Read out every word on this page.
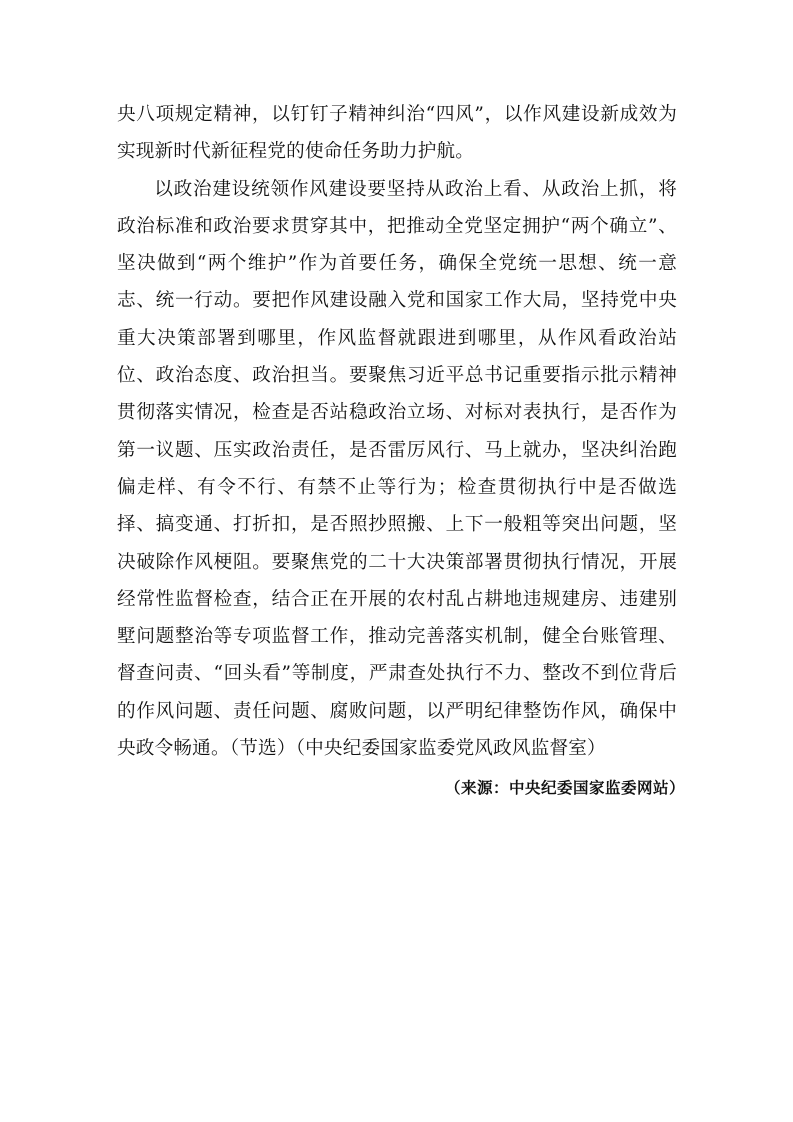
央八项规定精神，以钉钉子精神纠治“四风”，以作风建设新成效为实现新时代新征程党的使命任务助力护航。

以政治建设统领作风建设要坚持从政治上看、从政治上抓，将政治标准和政治要求贯穿其中，把推动全党坚定拥护“两个确立”、坚决做到“两个维护”作为首要任务，确保全党统一思想、统一意志、统一行动。要把作风建设融入党和国家工作大局，坚持党中央重大决策部署到哪里，作风监督就跟进到哪里，从作风看政治站位、政治态度、政治担当。要聚焦习近平总书记重要指示批示精神贯彻落实情况，检查是否站稳政治立场、对标对表执行，是否作为第一议题、压实政治责任，是否雷厉风行、马上就办，坚决纠治跑偏走样、有令不行、有禁不止等行为；检查贯彻执行中是否做选择、搞变通、打折扣，是否照抄照搬、上下一般粗等突出问题，坚决破除作风梗阻。要聚焦党的二十大决策部署贯彻执行情况，开展经常性监督检查，结合正在开展的农村乱占耕地违规建房、违建别墅问题整治等专项监督工作，推动完善落实机制，健全台账管理、督查问责、“回头看”等制度，严肃查处执行不力、整改不到位背后的作风问题、责任问题、腐败问题，以严明纪律整饬作风，确保中央政令畅通。（节选）（中央纪委国家监委党风政风监督室）

（来源：中央纪委国家监委网站）
